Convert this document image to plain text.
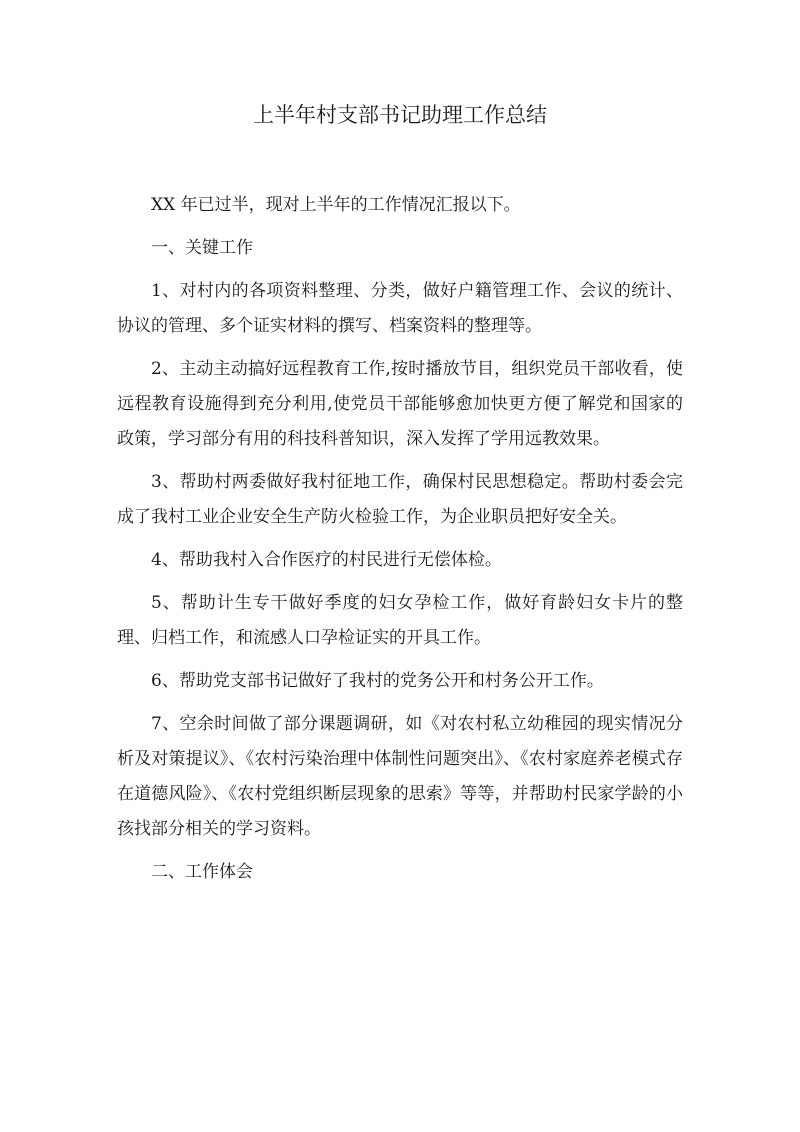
上半年村支部书记助理工作总结

XX 年已过半，现对上半年的工作情况汇报以下。

一、关键工作

1、对村内的各项资料整理、分类，做好户籍管理工作、会议的统计、协议的管理、多个证实材料的撰写、档案资料的整理等。

2、主动主动搞好远程教育工作,按时播放节目，组织党员干部收看，使远程教育设施得到充分利用,使党员干部能够愈加快更方便了解党和国家的政策，学习部分有用的科技科普知识，深入发挥了学用远教效果。

3、帮助村两委做好我村征地工作，确保村民思想稳定。帮助村委会完成了我村工业企业安全生产防火检验工作，为企业职员把好安全关。

4、帮助我村入合作医疗的村民进行无偿体检。

5、帮助计生专干做好季度的妇女孕检工作，做好育龄妇女卡片的整理、归档工作，和流感人口孕检证实的开具工作。

6、帮助党支部书记做好了我村的党务公开和村务公开工作。

7、空余时间做了部分课题调研，如《对农村私立幼稚园的现实情况分析及对策提议》、《农村污染治理中体制性问题突出》、《农村家庭养老模式存在道德风险》、《农村党组织断层现象的思索》等等，并帮助村民家学龄的小孩找部分相关的学习资料。

二、工作体会
